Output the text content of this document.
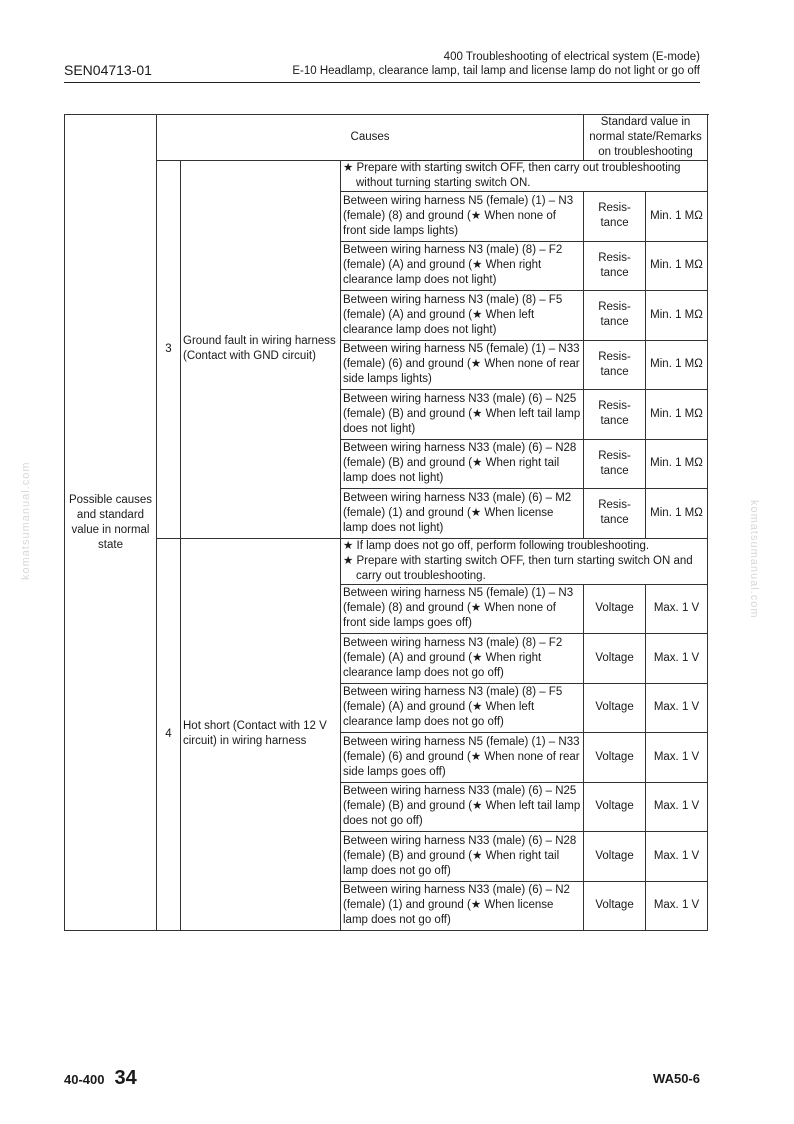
SEN04713-01
400 Troubleshooting of electrical system (E-mode)
E-10 Headlamp, clearance lamp, tail lamp and license lamp do not light or go off
komatsumanual.com	komatsumanual.com
Possible causes and standard value in normal state	Causes			Standard value in normal state/Remarks on troubleshooting	
	3	Ground fault in wiring harness (Contact with GND circuit)	★ Prepare with starting switch OFF, then carry out troubleshooting without turning starting switch ON.		

			Between wiring harness N5 (female) (1) – N3 (female) (8) and ground (★ When none of front side lamps lights)	Resis- tance	Min. 1 MΩ
			Between wiring harness N3 (male) (8) – F2 (female) (A) and ground (★ When right clearance lamp does not light)	Resis- tance	Min. 1 MΩ
			Between wiring harness N3 (male) (8) – F5 (female) (A) and ground (★ When left clearance lamp does not light)	Resis- tance	Min. 1 MΩ
			Between wiring harness N5 (female) (1) – N33 (female) (6) and ground (★ When none of rear side lamps lights)	Resis- tance	Min. 1 MΩ
			Between wiring harness N33 (male) (6) – N25 (female) (B) and ground (★ When left tail lamp does not light)	Resis- tance	Min. 1 MΩ
			Between wiring harness N33 (male) (6) – N28 (female) (B) and ground (★ When right tail lamp does not light)	Resis- tance	Min. 1 MΩ
			Between wiring harness N33 (male) (6) – M2 (female) (1) and ground (★ When license lamp does not light)	Resis- tance	Min. 1 MΩ
	4	Hot short (Contact with 12 V circuit) in wiring harness	★ If lamp does not go off, perform following troubleshooting.
★ Prepare with starting switch OFF, then turn starting switch ON and carry out troubleshooting.		

			Between wiring harness N5 (female) (1) – N3 (female) (8) and ground (★ When none of front side lamps goes off)	Voltage	Max. 1 V
			Between wiring harness N3 (male) (8) – F2 (female) (A) and ground (★ When right clearance lamp does not go off)	Voltage	Max. 1 V
			Between wiring harness N3 (male) (8) – F5 (female) (A) and ground (★ When left clearance lamp does not go off)	Voltage	Max. 1 V
			Between wiring harness N5 (female) (1) – N33 (female) (6) and ground (★ When none of rear side lamps goes off)	Voltage	Max. 1 V
			Between wiring harness N33 (male) (6) – N25 (female) (B) and ground (★ When left tail lamp does not go off)	Voltage	Max. 1 V
			Between wiring harness N33 (male) (6) – N28 (female) (B) and ground (★ When right tail lamp does not go off)	Voltage	Max. 1 V
			Between wiring harness N33 (male) (6) – N2 (female) (1) and ground (★ When license lamp does not go off)	Voltage	Max. 1 V
40-400 34	WA50-6
